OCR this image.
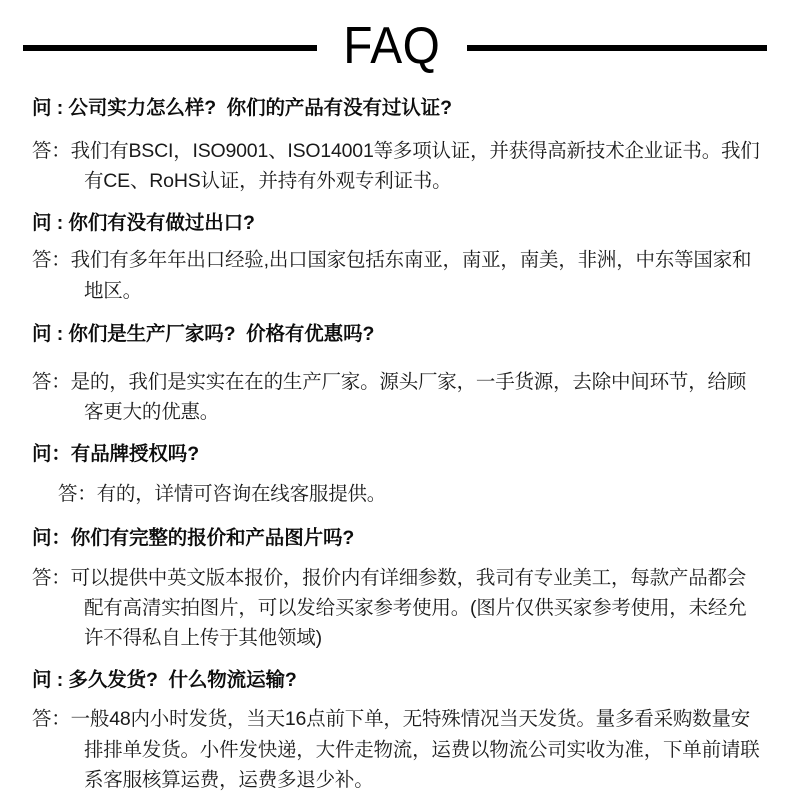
FAQ

问 : 公司实力怎么样?  你们的产品有没有过认证?

答：我们有BSCI，ISO9001、ISO14001等多项认证，并获得高新技术企业证书。我们有CE、RoHS认证，并持有外观专利证书。

问 : 你们有没有做过出口?

答：我们有多年年出口经验,出口国家包括东南亚，南亚，南美，非洲，中东等国家和地区。

问 : 你们是生产厂家吗?  价格有优惠吗?

答：是的，我们是实实在在的生产厂家。源头厂家，一手货源，去除中间环节，给顾客更大的优惠。

问：有品牌授权吗?

答：有的，详情可咨询在线客服提供。

问：你们有完整的报价和产品图片吗?

答：可以提供中英文版本报价，报价内有详细参数，我司有专业美工，每款产品都会配有高清实拍图片，可以发给买家参考使用。(图片仅供买家参考使用，未经允许不得私自上传于其他领域)

问 : 多久发货?  什么物流运输?

答：一般48内小时发货，当天16点前下单，无特殊情况当天发货。量多看采购数量安排排单发货。小件发快递，大件走物流，运费以物流公司实收为准，下单前请联系客服核算运费，运费多退少补。
